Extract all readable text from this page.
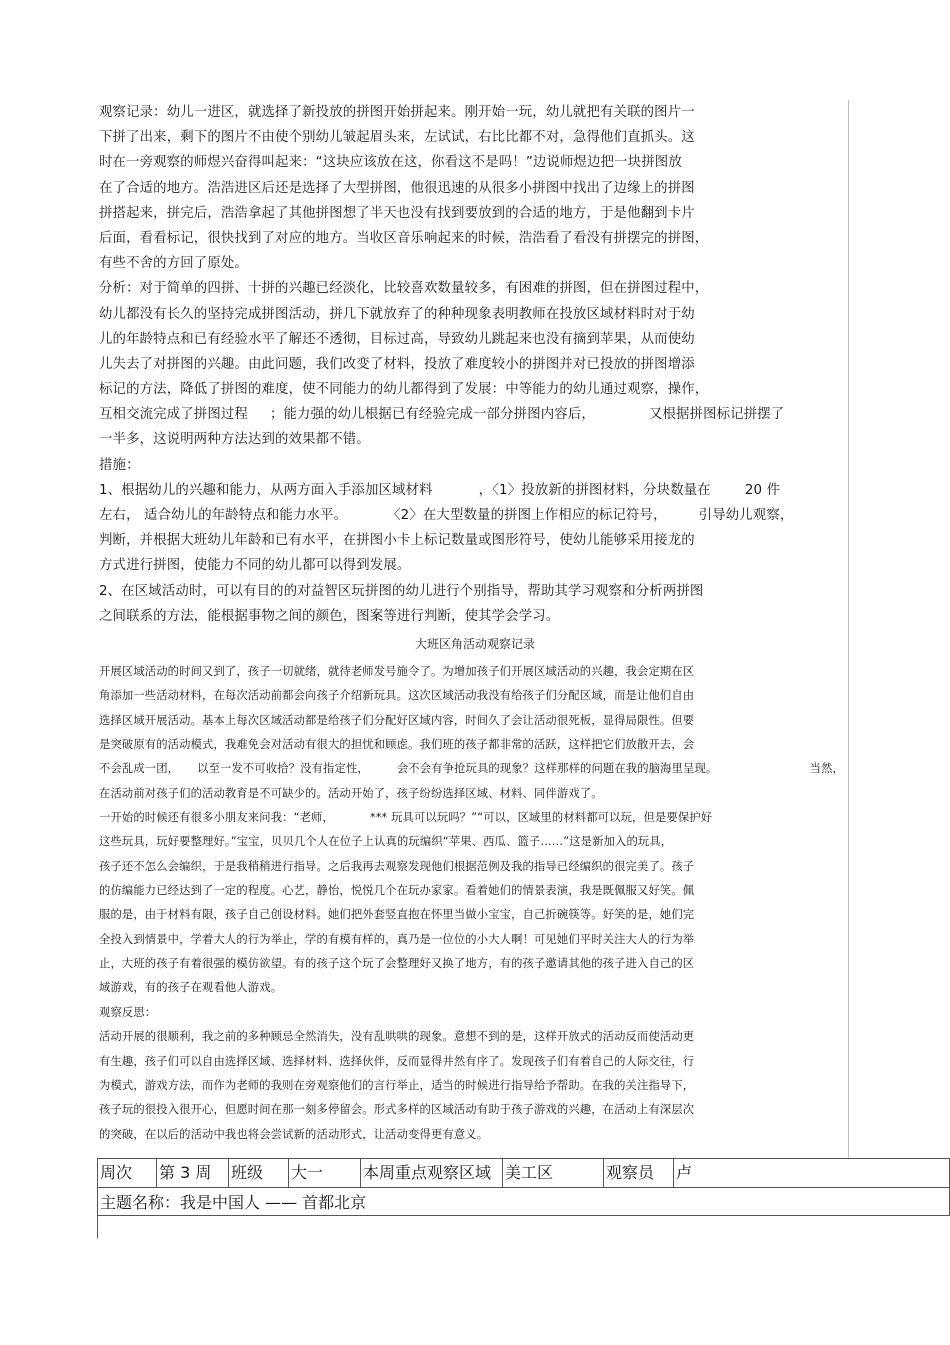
观察记录：幼儿一进区，就选择了新投放的拼图开始拼起来。刚开始一玩，幼儿就把有关联的图片一
下拼了出来，剩下的图片不由使个别幼儿皱起眉头来，左试试，右比比都不对，急得他们直抓头。这
时在一旁观察的师煜兴奋得叫起来：“这块应该放在这，你看这不是吗！”边说师煜边把一块拼图放
在了合适的地方。浩浩进区后还是选择了大型拼图，他很迅速的从很多小拼图中找出了边缘上的拼图
拼搭起来，拼完后，浩浩拿起了其他拼图想了半天也没有找到要放到的合适的地方，于是他翻到卡片
后面，看看标记，很快找到了对应的地方。当收区音乐响起来的时候，浩浩看了看没有拼摆完的拼图，
有些不舍的方回了原处。
分析：对于简单的四拼、十拼的兴趣已经淡化，比较喜欢数量较多，有困难的拼图，但在拼图过程中，
幼儿都没有长久的坚持完成拼图活动，拼几下就放弃了的种种现象表明教师在投放区域材料时对于幼
儿的年龄特点和已有经验水平了解还不透彻，目标过高，导致幼儿跳起来也没有摘到苹果，从而使幼
儿失去了对拼图的兴趣。由此问题，我们改变了材料，投放了难度较小的拼图并对已投放的拼图增添
标记的方法，降低了拼图的难度，使不同能力的幼儿都得到了发展：中等能力的幼儿通过观察，操作，
互相交流完成了拼图过程 ；能力强的幼儿根据已有经验完成一部分拼图内容后，	又根据拼图标记拼摆了
一半多，这说明两种方法达到的效果都不错。
措施：
1、根据幼儿的兴趣和能力，从两方面入手添加区域材料	，〈1〉投放新的拼图材料，分块数量在	20 件
左右， 适合幼儿的年龄特点和能力水平。	〈2〉在大型数量的拼图上作相应的标记符号， 引导幼儿观察，
判断，并根据大班幼儿年龄和已有水平，在拼图小卡上标记数量或图形符号，使幼儿能够采用接龙的
方式进行拼图，使能力不同的幼儿都可以得到发展。
2、在区域活动时，可以有目的的对益智区玩拼图的幼儿进行个别指导，帮助其学习观察和分析两拼图
之间联系的方法，能根据事物之间的颜色，图案等进行判断，使其学会学习。
大班区角活动观察记录
开展区域活动的时间又到了，孩子一切就绪，就待老师发号施令了。为增加孩子们开展区域活动的兴趣，我会定期在区
角添加一些活动材料，在每次活动前都会向孩子介绍新玩具。这次区域活动我没有给孩子们分配区域，而是让他们自由
选择区域开展活动。基本上每次区域活动都是给孩子们分配好区域内容，时间久了会让活动很死板，显得局限性。但要
是突破原有的活动模式，我难免会对活动有很大的担忧和顾虑。我们班的孩子都非常的活跃，这样把它们放散开去，会
不会乱成一团， 以至一发不可收拾？没有指定性， 会不会有争抢玩具的现象？这样那样的问题在我的脑海里呈现。	当然，
在活动前对孩子们的活动教育是不可缺少的。活动开始了，孩子纷纷选择区域、材料、同伴游戏了。
一开始的时候还有很多小朋友来问我：“老师，	*** 玩具可以玩吗？”“可以，区域里的材料都可以玩，但是要保护好
这些玩具，玩好要整理好。”宝宝，贝贝几个人在位子上认真的玩编织“苹果、西瓜、篮子……”这是新加入的玩具，
孩子还不怎么会编织，于是我稍稍进行指导。之后我再去观察发现他们根据范例及我的指导已经编织的很完美了。孩子
的仿编能力已经达到了一定的程度。心艺，静怡，悦悦几个在玩办家家。看着她们的情景表演，我是既佩服又好笑。佩
服的是，由于材料有限，孩子自己创设材料。她们把外套竖直抱在怀里当做小宝宝，自己折碗筷等。好笑的是，她们完
全投入到情景中，学着大人的行为举止，学的有模有样的，真乃是一位位的小大人啊！可见她们平时关注大人的行为举
止，大班的孩子有着很强的模仿欲望。有的孩子这个玩了会整理好又换了地方，有的孩子邀请其他的孩子进入自己的区
域游戏，有的孩子在观看他人游戏。
观察反思：
活动开展的很顺利，我之前的多种顾忌全然消失，没有乱哄哄的现象。意想不到的是，这样开放式的活动反而使活动更
有生趣，孩子们可以自由选择区域、选择材料、选择伙伴，反而显得井然有序了。发现孩子们有着自己的人际交往，行
为模式，游戏方法，而作为老师的我则在旁观察他们的言行举止，适当的时候进行指导给予帮助。在我的关注指导下，
孩子玩的很投入很开心，但愿时间在那一刻多停留会。形式多样的区域活动有助于孩子游戏的兴趣，在活动上有深层次
的突破，在以后的活动中我也将会尝试新的活动形式，让活动变得更有意义。
周次	第 3 周	班级	大一	本周重点观察区域	美工区	观察员	卢
主题名称：我是中国人 —— 首都北京
